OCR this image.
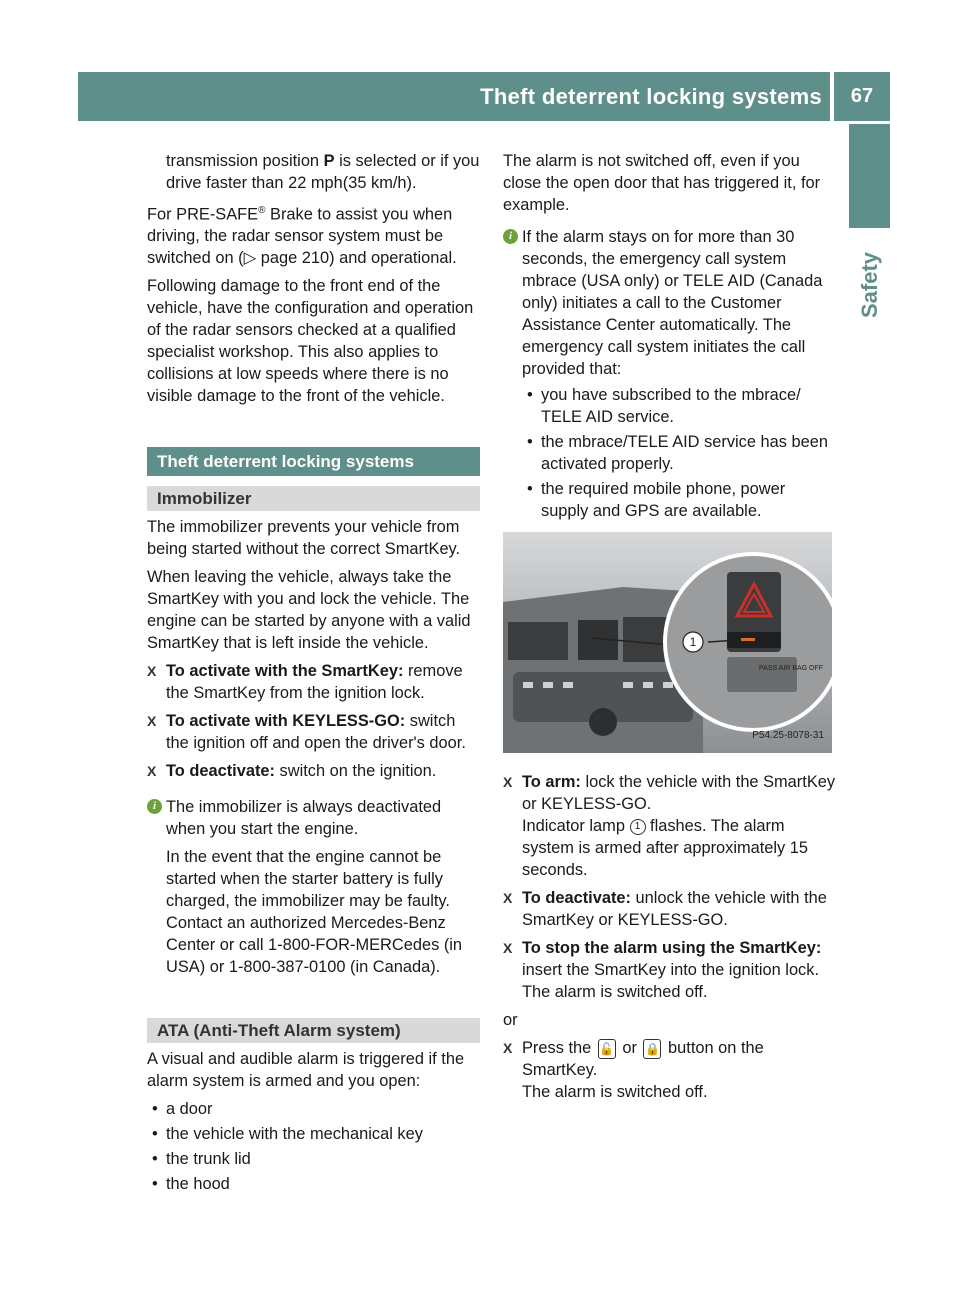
Theft deterrent locking systems	67
Safety

transmission position P is selected or if you drive faster than 22 mph(35 km/h).

For PRE-SAFE® Brake to assist you when driving, the radar sensor system must be switched on (▷ page 210) and operational.

Following damage to the front end of the vehicle, have the configuration and operation of the radar sensors checked at a qualified specialist workshop. This also applies to collisions at low speeds where there is no visible damage to the front of the vehicle.

Theft deterrent locking systems
Immobilizer

The immobilizer prevents your vehicle from being started without the correct SmartKey.

When leaving the vehicle, always take the SmartKey with you and lock the vehicle. The engine can be started by anyone with a valid SmartKey that is left inside the vehicle.

X To activate with the SmartKey: remove the SmartKey from the ignition lock.
X To activate with KEYLESS-GO: switch the ignition off and open the driver's door.
X To deactivate: switch on the ignition.
i The immobilizer is always deactivated when you start the engine.

In the event that the engine cannot be started when the starter battery is fully charged, the immobilizer may be faulty. Contact an authorized Mercedes-Benz Center or call 1-800-FOR-MERCedes (in USA) or 1-800-387-0100 (in Canada).

ATA (Anti-Theft Alarm system)

A visual and audible alarm is triggered if the alarm system is armed and you open:

• a door
• the vehicle with the mechanical key
• the trunk lid
• the hood

The alarm is not switched off, even if you close the open door that has triggered it, for example.

i If the alarm stays on for more than 30 seconds, the emergency call system mbrace (USA only) or TELE AID (Canada only) initiates a call to the Customer Assistance Center automatically. The emergency call system initiates the call provided that:

• you have subscribed to the mbrace/ TELE AID service.
• the mbrace/TELE AID service has been activated properly.
• the required mobile phone, power supply and GPS are available.
1
PASS AIR BAG OFF
P54.25-8078-31
X To arm: lock the vehicle with the SmartKey or KEYLESS-GO.
Indicator lamp 1 flashes. The alarm system is armed after approximately 15 seconds.
X To deactivate: unlock the vehicle with the SmartKey or KEYLESS-GO.
X To stop the alarm using the SmartKey: insert the SmartKey into the ignition lock.
The alarm is switched off.

or

X Press the 🔓 or 🔒 button on the SmartKey.
The alarm is switched off.
